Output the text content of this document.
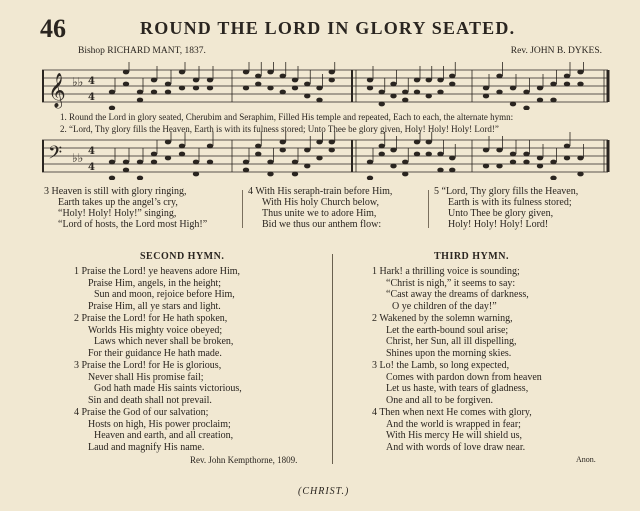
46	ROUND THE LORD IN GLORY SEATED.
Bishop RICHARD MANT, 1837.	Rev. JOHN B. DYKES.
𝄞 ♭♭ 4
4
1. Round the Lord in glory seated, Cherubim and Seraphim, Filled His temple and repeated, Each to each, the alternate hymn:
2. “Lord, Thy glory fills the Heaven, Earth is with its fulness stored; Unto Thee be glory given, Holy! Holy! Holy! Lord!”
𝄢 ♭♭ 4
4
3 Heaven is still with glory ringing,
Earth takes up the angel’s cry,
“Holy! Holy! Holy!” singing,
“Lord of hosts, the Lord most High!”
4 With His seraph-train before Him,
With His holy Church below,
Thus unite we to adore Him,
Bid we thus our anthem flow:
5 “Lord, Thy glory fills the Heaven,
Earth is with its fulness stored;
Unto Thee be glory given,
Holy! Holy! Holy! Lord!
SECOND HYMN.
1 Praise the Lord! ye heavens adore Him,
Praise Him, angels, in the height;
Sun and moon, rejoice before Him,
Praise Him, all ye stars and light.
2 Praise the Lord! for He hath spoken,
Worlds His mighty voice obeyed;
Laws which never shall be broken,
For their guidance He hath made.
3 Praise the Lord! for He is glorious,
Never shall His promise fail;
God hath made His saints victorious,
Sin and death shall not prevail.
4 Praise the God of our salvation;
Hosts on high, His power proclaim;
Heaven and earth, and all creation,
Laud and magnify His name.
Rev. John Kempthorne, 1809.
THIRD HYMN.
1 Hark! a thrilling voice is sounding;
“Christ is nigh,” it seems to say:
“Cast away the dreams of darkness,
O ye children of the day!”
2 Wakened by the solemn warning,
Let the earth-bound soul arise;
Christ, her Sun, all ill dispelling,
Shines upon the morning skies.
3 Lo! the Lamb, so long expected,
Comes with pardon down from heaven
Let us haste, with tears of gladness,
One and all to be forgiven.
4 Then when next He comes with glory,
And the world is wrapped in fear;
With His mercy He will shield us,
And with words of love draw near.
Anon.
(CHRIST.)
